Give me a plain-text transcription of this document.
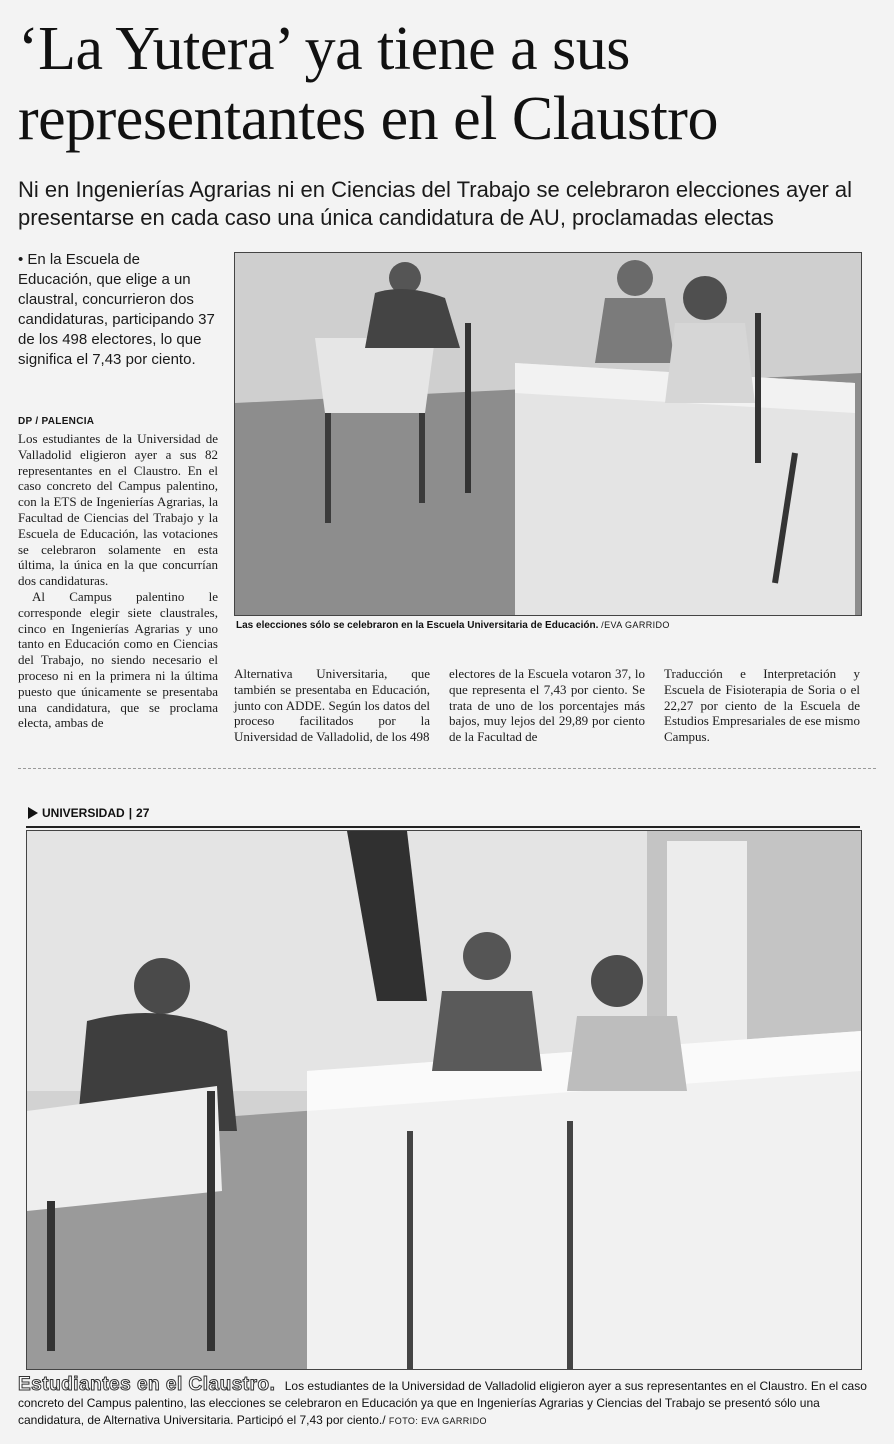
‘La Yutera’ ya tiene a sus
representantes en el Claustro

Ni en Ingenierías Agrarias ni en Ciencias del Trabajo se celebraron elecciones ayer al presentarse en cada caso una única candidatura de AU, proclamadas electas

• En la Escuela de Educación, que elige a un claustral, concurrieron dos candidaturas, participando 37 de los 498 electores, lo que significa el 7,43 por ciento.

DP / PALENCIA

Los estudiantes de la Universidad de Valladolid eligieron ayer a sus 82 representantes en el Claustro. En el caso concreto del Campus palentino, con la ETS de Ingenierías Agrarias, la Facultad de Ciencias del Trabajo y la Escuela de Educación, las votaciones se celebraron solamente en esta última, la única en la que concurrían dos candidaturas.

Al Campus palentino le corresponde elegir siete claustrales, cinco en Ingenierías Agrarias y uno tanto en Educación como en Ciencias del Trabajo, no siendo necesario el proceso ni en la primera ni la última puesto que únicamente se presentaba una candidatura, que se proclama electa, ambas de

Las elecciones sólo se celebraron en la Escuela Universitaria de Educación. /EVA GARRIDO

Alternativa Universitaria, que también se presentaba en Educación, junto con ADDE. Según los datos del proceso facilitados por la Universidad de Valladolid, de los 498

electores de la Escuela votaron 37, lo que representa el 7,43 por ciento. Se trata de uno de los porcentajes más bajos, muy lejos del 29,89 por ciento de la Facultad de

Traducción e Interpretación y Escuela de Fisioterapia de Soria o el 22,27 por ciento de la Escuela de Estudios Empresariales de ese mismo Campus.

UNIVERSIDAD | 27

Estudiantes en el Claustro. Los estudiantes de la Universidad de Valladolid eligieron ayer a sus representantes en el Claustro. En el caso concreto del Campus palentino, las elecciones se celebraron en Educación ya que en Ingenierías Agrarias y Ciencias del Trabajo se presentó sólo una candidatura, de Alternativa Universitaria. Participó el 7,43 por ciento./ FOTO: EVA GARRIDO
